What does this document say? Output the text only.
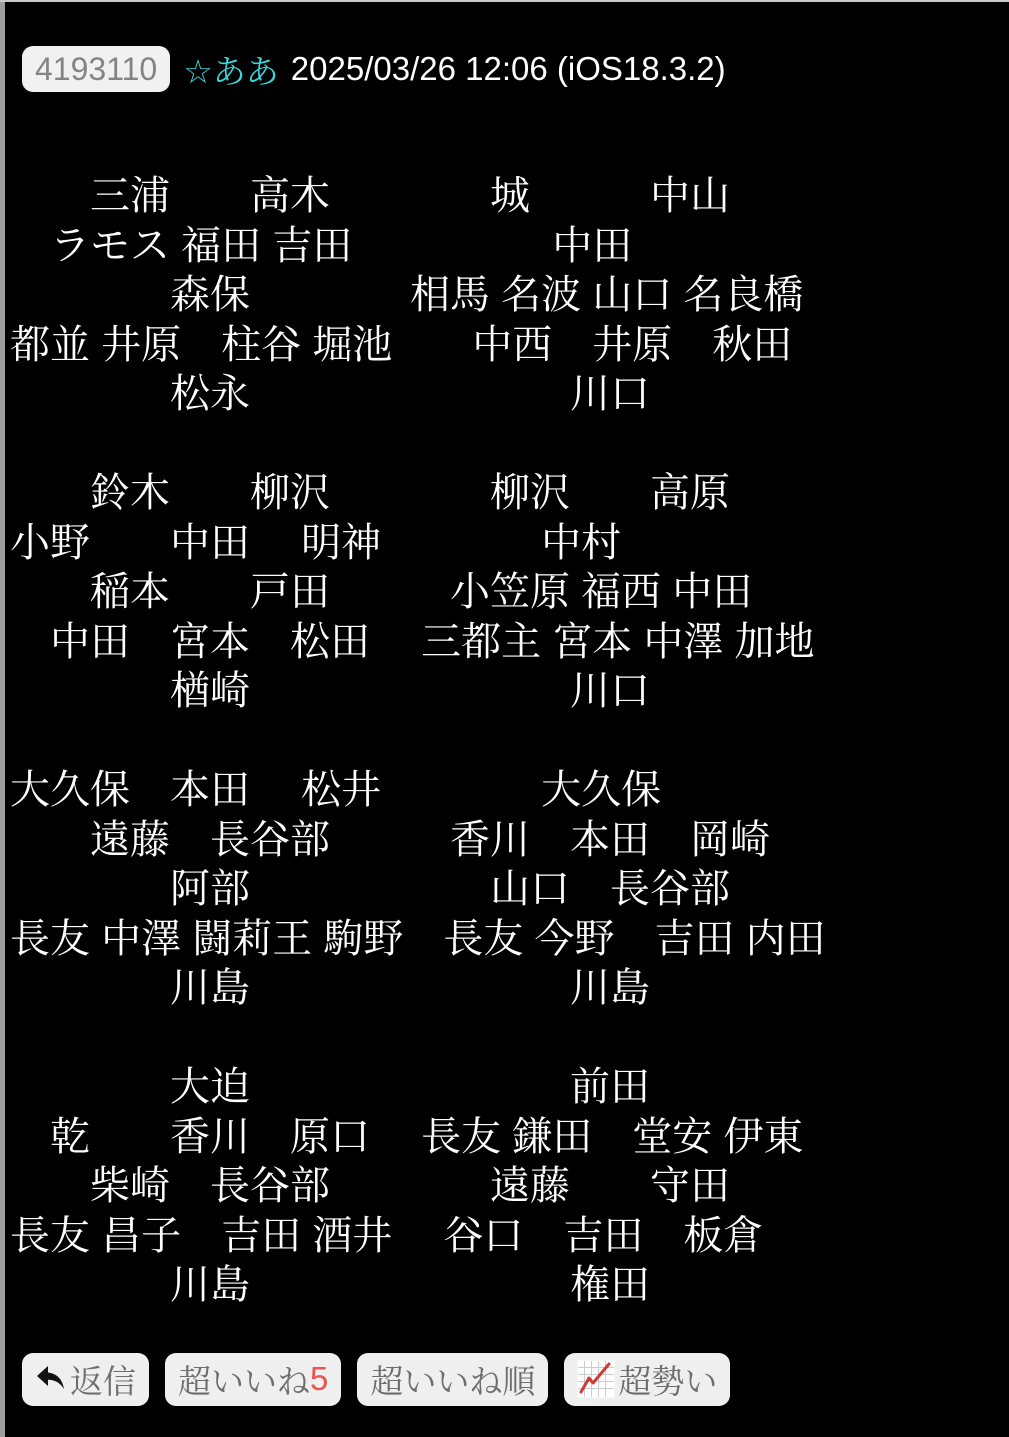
4193110 ☆ああ 2025/03/26 12:06 (iOS18.3.2)
　　三浦　　高木　　　　城　　　中山
　ラモス 福田 吉田　　　　　中田
　　　　森保　　　　相馬 名波 山口 名良橋
都並 井原　柱谷 堀池　　中西　井原　秋田
　　　　松永　　　　　　　　川口
　　鈴木　　柳沢　　　　柳沢　　高原
小野　　中田　 明神　　　　中村
　　稲本　　戸田　　　小笠原 福西 中田
　中田　宮本　松田　 三都主 宮本 中澤 加地
　　　　楢崎　　　　　　　　川口
大久保　本田　 松井　　　　大久保
　　遠藤　長谷部　　　香川　本田　岡崎
　　　　阿部　　　　　　山口　長谷部
長友 中澤 闘莉王 駒野　長友 今野　吉田 内田
　　　　川島　　　　　　　　川島
　　　　大迫　　　　　　　　前田
　乾　　香川　原口　 長友 鎌田　堂安 伊東
　　柴崎　長谷部　　　　遠藤　　守田
長友 昌子　吉田 酒井　 谷口　吉田　板倉
　　　　川島　　　　　　　　権田
返信 超いいね 5 超いいね順	超勢い
